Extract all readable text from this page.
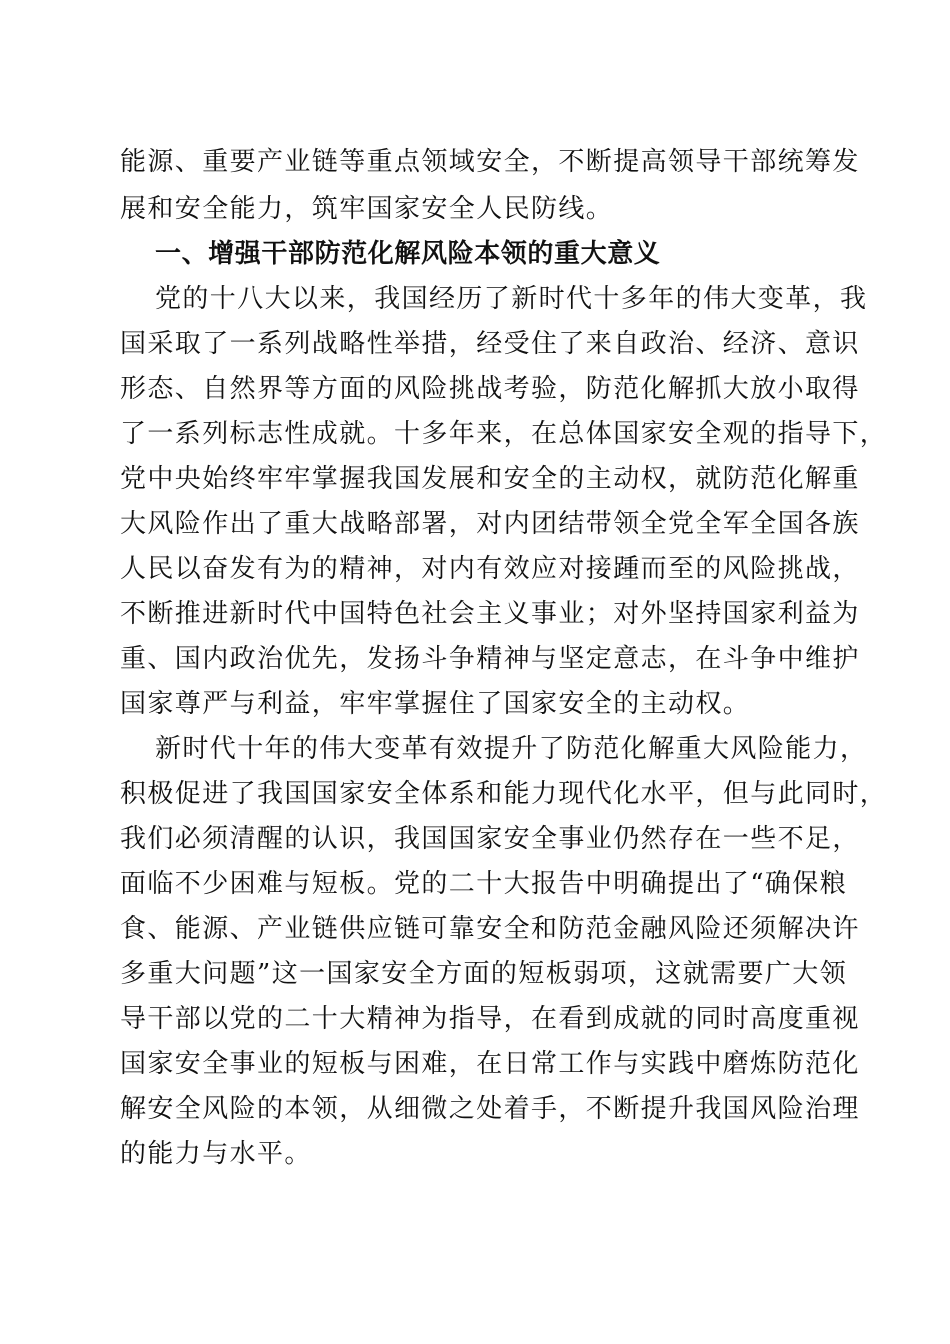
能源、重要产业链等重点领域安全，不断提高领导干部统筹发
展和安全能力，筑牢国家安全人民防线。
一、增强干部防范化解风险本领的重大意义
党的十八大以来，我国经历了新时代十多年的伟大变革，我
国采取了一系列战略性举措，经受住了来自政治、经济、意识
形态、自然界等方面的风险挑战考验，防范化解抓大放小取得
了一系列标志性成就。十多年来，在总体国家安全观的指导下，
党中央始终牢牢掌握我国发展和安全的主动权，就防范化解重
大风险作出了重大战略部署，对内团结带领全党全军全国各族
人民以奋发有为的精神，对内有效应对接踵而至的风险挑战，
不断推进新时代中国特色社会主义事业；对外坚持国家利益为
重、国内政治优先，发扬斗争精神与坚定意志，在斗争中维护
国家尊严与利益，牢牢掌握住了国家安全的主动权。
新时代十年的伟大变革有效提升了防范化解重大风险能力，
积极促进了我国国家安全体系和能力现代化水平，但与此同时，
我们必须清醒的认识，我国国家安全事业仍然存在一些不足，
面临不少困难与短板。党的二十大报告中明确提出了“确保粮
食、能源、产业链供应链可靠安全和防范金融风险还须解决许
多重大问题”这一国家安全方面的短板弱项，这就需要广大领
导干部以党的二十大精神为指导，在看到成就的同时高度重视
国家安全事业的短板与困难，在日常工作与实践中磨炼防范化
解安全风险的本领，从细微之处着手，不断提升我国风险治理
的能力与水平。
